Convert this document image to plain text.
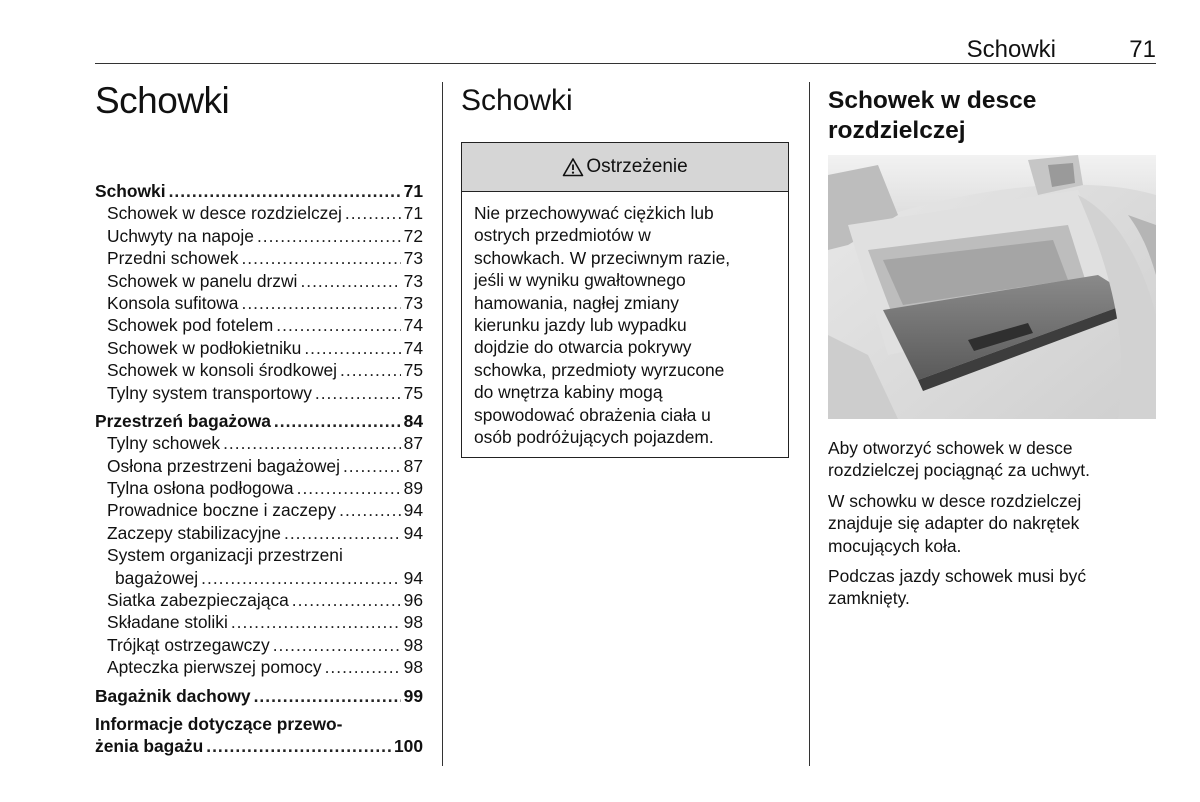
Schowki	71
Schowki
Schowki .....	71
Schowek w desce rozdzielczej .....	71
Uchwyty na napoje .....	72
Przedni schowek .....	73
Schowek w panelu drzwi .....	73
Konsola sufitowa .....	73
Schowek pod fotelem .....	74
Schowek w podłokietniku .....	74
Schowek w konsoli środkowej .....	75
Tylny system transportowy .....	75
Przestrzeń bagażowa .....	84
Tylny schowek .....	87
Osłona przestrzeni bagażowej .....	87
Tylna osłona podłogowa .....	89
Prowadnice boczne i zaczepy .....	94
Zaczepy stabilizacyjne .....	94
System organizacji przestrzeni
bagażowej .....	94
Siatka zabezpieczająca .....	96
Składane stoliki .....	98
Trójkąt ostrzegawczy .....	98
Apteczka pierwszej pomocy .....	98
Bagażnik dachowy .....	99
Informacje dotyczące przewo-
żenia bagażu .....	100
Schowki
Ostrzeżenie
Nie przechowywać ciężkich lub
ostrych przedmiotów w
schowkach. W przeciwnym razie,
jeśli w wyniku gwałtownego
hamowania, nagłej zmiany
kierunku jazdy lub wypadku
dojdzie do otwarcia pokrywy
schowka, przedmioty wyrzucone
do wnętrza kabiny mogą
spowodować obrażenia ciała u
osób podróżujących pojazdem.
Schowek w desce
rozdzielczej

Aby otworzyć schowek w desce
rozdzielczej pociągnąć za uchwyt.

W schowku w desce rozdzielczej
znajduje się adapter do nakrętek
mocujących koła.

Podczas jazdy schowek musi być
zamknięty.
